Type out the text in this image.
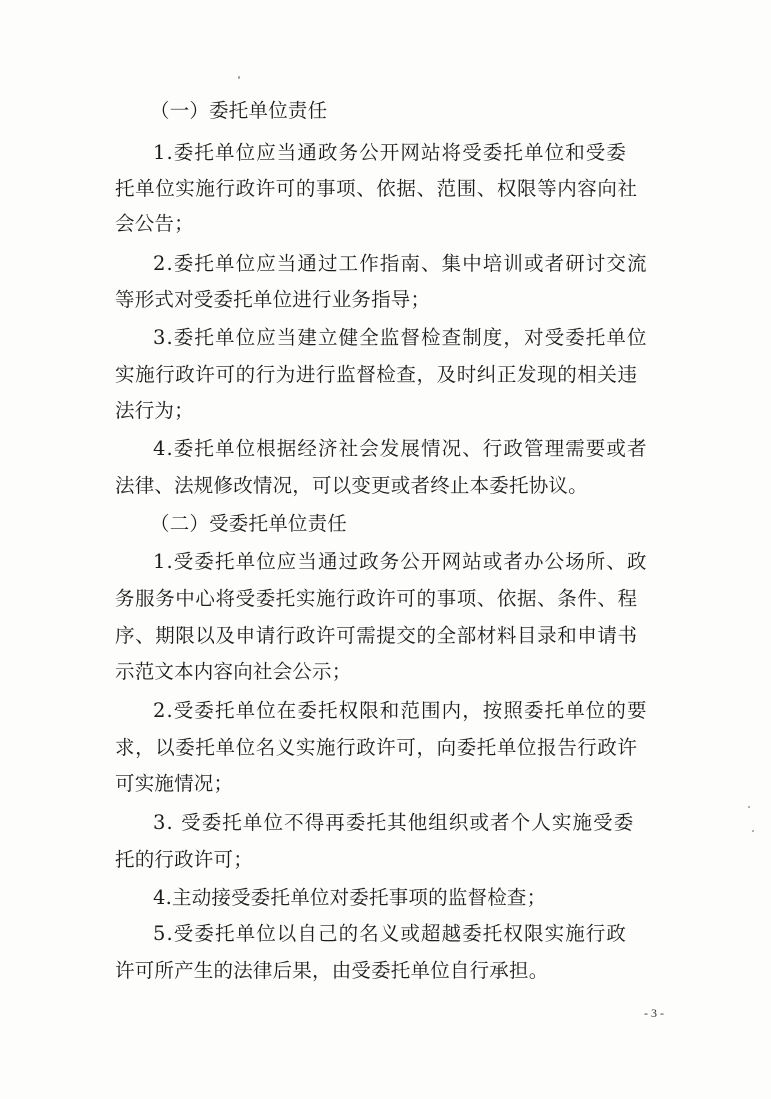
（一）委托单位责任
1.委托单位应当通政务公开网站将受委托单位和受委
托单位实施行政许可的事项、依据、范围、权限等内容向社
会公告；
2.委托单位应当通过工作指南、集中培训或者研讨交流
等形式对受委托单位进行业务指导；
3.委托单位应当建立健全监督检查制度，对受委托单位
实施行政许可的行为进行监督检查，及时纠正发现的相关违
法行为；
4.委托单位根据经济社会发展情况、行政管理需要或者
法律、法规修改情况，可以变更或者终止本委托协议。
（二）受委托单位责任
1.受委托单位应当通过政务公开网站或者办公场所、政
务服务中心将受委托实施行政许可的事项、依据、条件、程
序、期限以及申请行政许可需提交的全部材料目录和申请书
示范文本内容向社会公示；
2.受委托单位在委托权限和范围内，按照委托单位的要
求，以委托单位名义实施行政许可，向委托单位报告行政许
可实施情况；
3. 受委托单位不得再委托其他组织或者个人实施受委
托的行政许可；
4.主动接受委托单位对委托事项的监督检查；
5.受委托单位以自己的名义或超越委托权限实施行政
许可所产生的法律后果，由受委托单位自行承担。
- 3 -
